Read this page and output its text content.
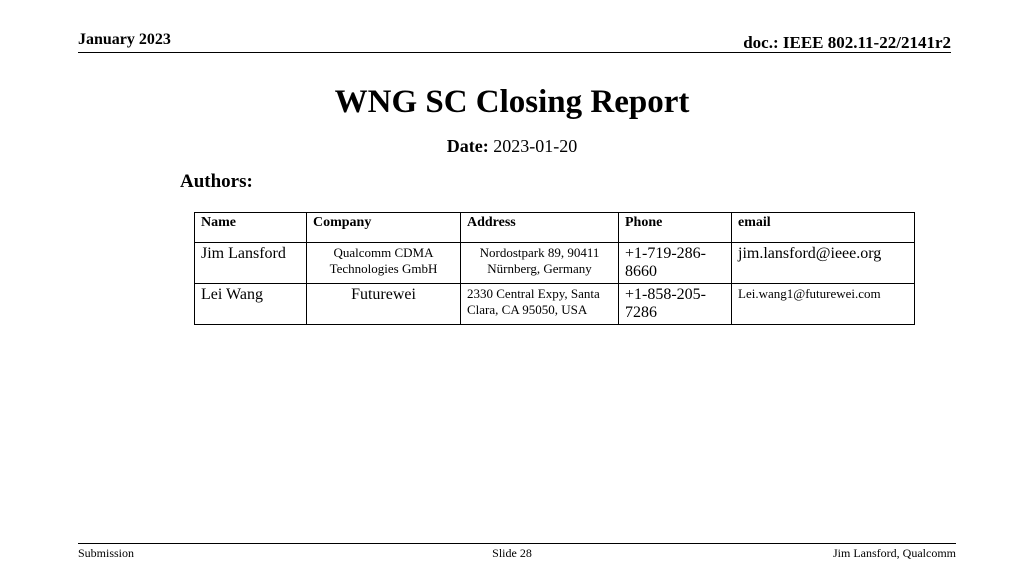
January 2023	doc.: IEEE 802.11-22/2141r2
WNG SC Closing Report
Date: 2023-01-20
Authors:
Name	Company	Address	Phone	email
Jim Lansford	Qualcomm CDMA Technologies GmbH	Nordostpark 89, 90411 Nürnberg, Germany	+1-719-286-8660	jim.lansford@ieee.org
Lei Wang	Futurewei	2330 Central Expy, Santa Clara, CA 95050, USA	+1-858-205-7286	Lei.wang1@futurewei.com
Submission	Slide 28	Jim Lansford, Qualcomm
